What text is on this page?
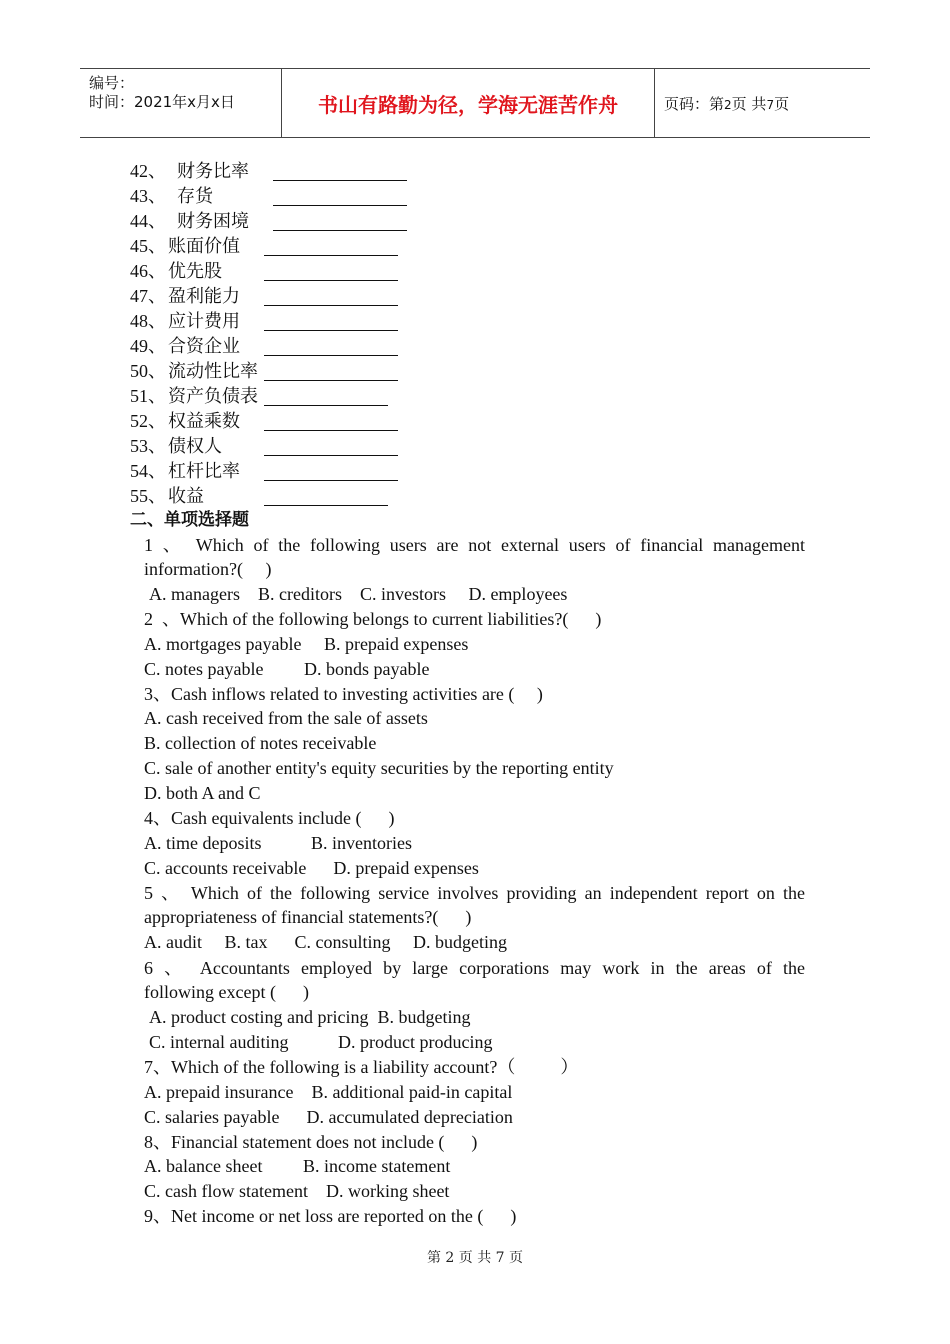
编号：
时间：2021年x月x日	书山有路勤为径，学海无涯苦作舟	页码：第2页 共7页
42、 财务比率
43、 存货
44、 财务困境
45、 账面价值
46、 优先股
47、 盈利能力
48、 应计费用
49、 合资企业
50、 流动性比率
51、 资产负债表
52、 权益乘数
53、 债权人
54、 杠杆比率
55、 收益
二、单项选择题
1 、 Which of the following users are not external users of financial management
information?(     )
A. managers    B. creditors    C. investors     D. employees
2  、Which of the following belongs to current liabilities?(      )
A. mortgages payable     B. prepaid expenses
C. notes payable         D. bonds payable
3、Cash inflows related to investing activities are (     )
A. cash received from the sale of assets
B. collection of notes receivable
C. sale of another entity's equity securities by the reporting entity
D. both A and C
4、Cash equivalents include (      )
A. time deposits           B. inventories
C. accounts receivable      D. prepaid expenses
5 、 Which of the following service involves providing an independent report on the
appropriateness of financial statements?(      )
A. audit     B. tax      C. consulting     D. budgeting
6 、 Accountants employed by large corporations may work in the areas of the
following except (      )
A. product costing and pricing  B. budgeting
C. internal auditing           D. product producing
7、Which of the following is a liability account?（          ）
A. prepaid insurance    B. additional paid-in capital
C. salaries payable      D. accumulated depreciation
8、Financial statement does not include (      )
A. balance sheet         B. income statement
C. cash flow statement    D. working sheet
9、Net income or net loss are reported on the (      )
第 2 页 共 7 页
